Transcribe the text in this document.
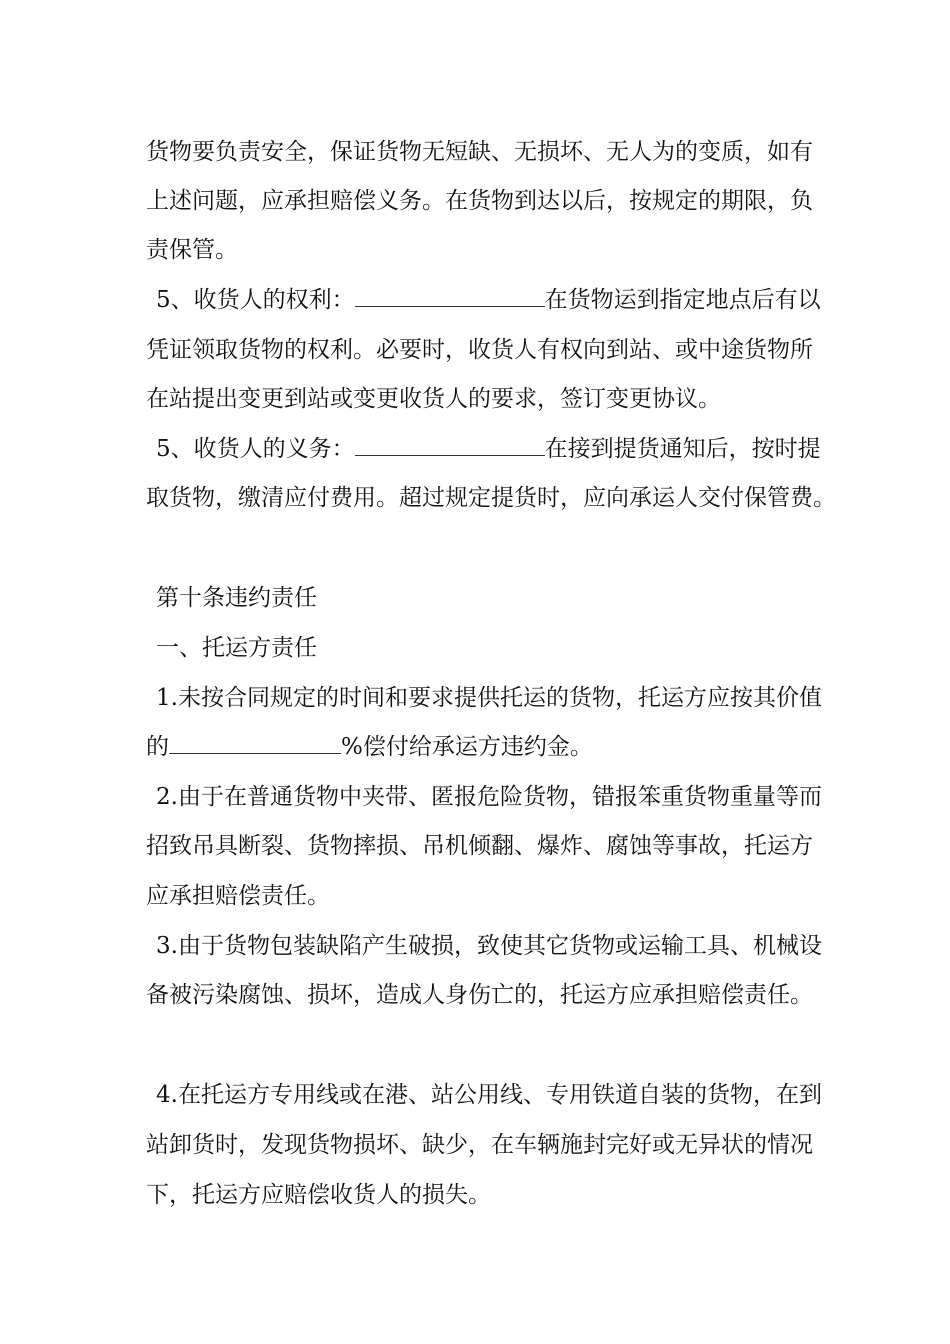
货物要负责安全，保证货物无短缺、无损坏、无人为的变质，如有

上述问题，应承担赔偿义务。在货物到达以后，按规定的期限，负

责保管。

5、收货人的权利：	在货物运到指定地点后有以

凭证领取货物的权利。必要时，收货人有权向到站、或中途货物所

在站提出变更到站或变更收货人的要求，签订变更协议。

5、收货人的义务：	在接到提货通知后，按时提

取货物，缴清应付费用。超过规定提货时，应向承运人交付保管费。

第十条违约责任

一、托运方责任

1.未按合同规定的时间和要求提供托运的货物，托运方应按其价值

的	%偿付给承运方违约金。

2.由于在普通货物中夹带、匿报危险货物，错报笨重货物重量等而

招致吊具断裂、货物摔损、吊机倾翻、爆炸、腐蚀等事故，托运方

应承担赔偿责任。

3.由于货物包装缺陷产生破损，致使其它货物或运输工具、机械设

备被污染腐蚀、损坏，造成人身伤亡的，托运方应承担赔偿责任。

4.在托运方专用线或在港、站公用线、专用铁道自装的货物，在到

站卸货时，发现货物损坏、缺少，在车辆施封完好或无异状的情况

下，托运方应赔偿收货人的损失。
